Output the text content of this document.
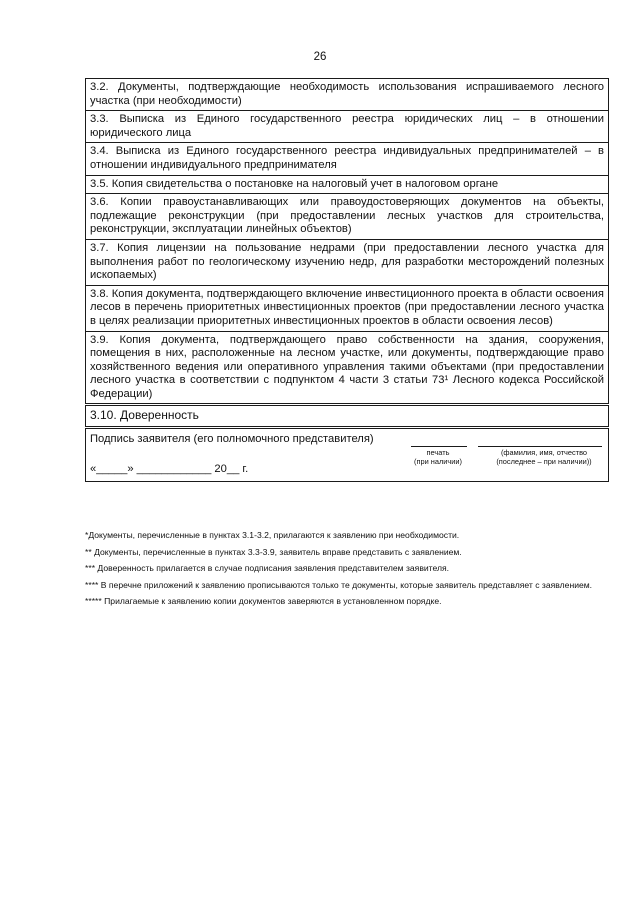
26
3.2. Документы, подтверждающие необходимость использования испрашиваемого лесного участка (при необходимости)
3.3. Выписка из Единого государственного реестра юридических лиц – в отношении юридического лица
3.4. Выписка из Единого государственного реестра индивидуальных предпринимателей – в отношении индивидуального предпринимателя
3.5. Копия свидетельства о постановке на налоговый учет в налоговом органе
3.6. Копии правоустанавливающих или правоудостоверяющих документов на объекты, подлежащие реконструкции (при предоставлении лесных участков для строительства, реконструкции, эксплуатации линейных объектов)
3.7. Копия лицензии на пользование недрами (при предоставлении лесного участка для выполнения работ по геологическому изучению недр, для разработки месторождений полезных ископаемых)
3.8. Копия документа, подтверждающего включение инвестиционного проекта в области освоения лесов в перечень приоритетных инвестиционных проектов (при предоставлении лесного участка в целях реализации приоритетных инвестиционных проектов в области освоения лесов)
3.9. Копия документа, подтверждающего право собственности на здания, сооружения, помещения в них, расположенные на лесном участке, или документы, подтверждающие право хозяйственного ведения или оперативного управления такими объектами (при предоставлении лесного участка в соответствии с подпунктом 4 части 3 статьи 73¹ Лесного кодекса Российской Федерации)
3.10. Доверенность

Подпись заявителя (его полномочного представителя)
печать
(при наличии)
(фамилия, имя, отчество
(последнее – при наличии))
«_____» ____________ 20__ г.

*Документы, перечисленные в пунктах 3.1-3.2, прилагаются к заявлению при необходимости.

** Документы, перечисленные в пунктах 3.3-3.9, заявитель вправе представить с заявлением.

*** Доверенность прилагается в случае подписания заявления представителем заявителя.

**** В перечне приложений к заявлению прописываются только те документы, которые заявитель представляет с заявлением.

***** Прилагаемые к заявлению копии документов заверяются в установленном порядке.
